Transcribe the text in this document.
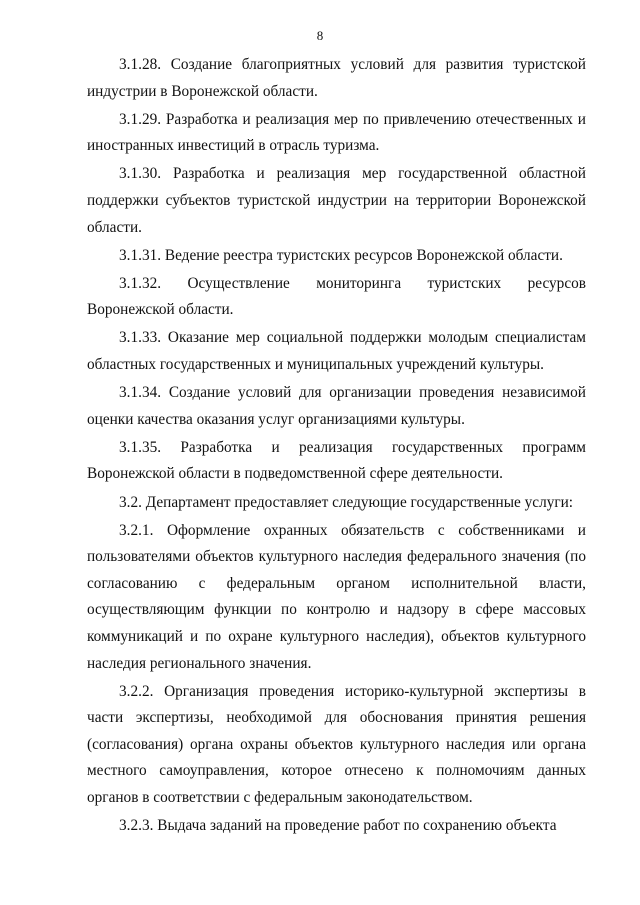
8

3.1.28. Создание благоприятных условий для развития туристской индустрии в Воронежской области.

3.1.29. Разработка и реализация мер по привлечению отечественных и иностранных инвестиций в отрасль туризма.

3.1.30. Разработка и реализация мер государственной областной поддержки субъектов туристской индустрии на территории Воронежской области.

3.1.31. Ведение реестра туристских ресурсов Воронежской области.

3.1.32. Осуществление мониторинга туристских ресурсов Воронежской области.

3.1.33. Оказание мер социальной поддержки молодым специалистам областных государственных и муниципальных учреждений культуры.

3.1.34. Создание условий для организации проведения независимой оценки качества оказания услуг организациями культуры.

3.1.35. Разработка и реализация государственных программ Воронежской области в подведомственной сфере деятельности.

3.2. Департамент предоставляет следующие государственные услуги:

3.2.1. Оформление охранных обязательств с собственниками и пользователями объектов культурного наследия федерального значения (по согласованию с федеральным органом исполнительной власти, осуществляющим функции по контролю и надзору в сфере массовых коммуникаций и по охране культурного наследия), объектов культурного наследия регионального значения.

3.2.2. Организация проведения историко-культурной экспертизы в части экспертизы, необходимой для обоснования принятия решения (согласования) органа охраны объектов культурного наследия или органа местного самоуправления, которое отнесено к полномочиям данных органов в соответствии с федеральным законодательством.

3.2.3. Выдача заданий на проведение работ по сохранению объекта
